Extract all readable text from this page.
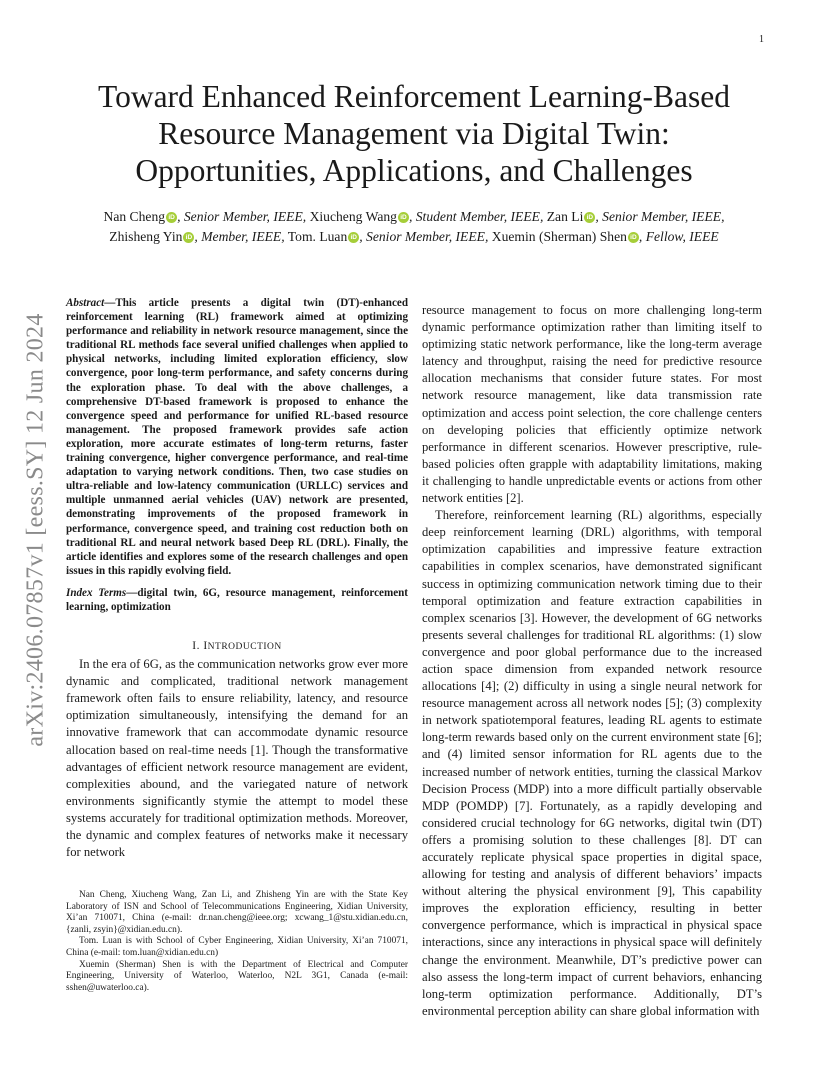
1
arXiv:2406.07857v1 [eess.SY] 12 Jun 2024
Toward Enhanced Reinforcement Learning-Based
Resource Management via Digital Twin:
Opportunities, Applications, and Challenges
Nan Cheng iD , Senior Member, IEEE, Xiucheng Wang iD , Student Member, IEEE, Zan Li iD , Senior Member, IEEE,
Zhisheng Yin iD , Member, IEEE, Tom. Luan iD , Senior Member, IEEE, Xuemin (Sherman) Shen iD , Fellow, IEEE
Abstract—This article presents a digital twin (DT)-enhanced reinforcement learning (RL) framework aimed at optimizing performance and reliability in network resource management, since the traditional RL methods face several unified challenges when applied to physical networks, including limited exploration efficiency, slow convergence, poor long-term performance, and safety concerns during the exploration phase. To deal with the above challenges, a comprehensive DT-based framework is proposed to enhance the convergence speed and performance for unified RL-based resource management. The proposed framework provides safe action exploration, more accurate estimates of long-term returns, faster training convergence, higher convergence performance, and real-time adaptation to varying network conditions. Then, two case studies on ultra-reliable and low-latency communication (URLLC) services and multiple unmanned aerial vehicles (UAV) network are presented, demonstrating improvements of the proposed framework in performance, convergence speed, and training cost reduction both on traditional RL and neural network based Deep RL (DRL). Finally, the article identifies and explores some of the research challenges and open issues in this rapidly evolving field.
Index Terms—digital twin, 6G, resource management, reinforcement learning, optimization
I. INTRODUCTION

In the era of 6G, as the communication networks grow ever more dynamic and complicated, traditional network management framework often fails to ensure reliability, latency, and resource optimization simultaneously, intensifying the demand for an innovative framework that can accommodate dynamic resource allocation based on real-time needs [1]. Though the transformative advantages of efficient network resource management are evident, complexities abound, and the variegated nature of network environments significantly stymie the attempt to model these systems accurately for traditional optimization methods. Moreover, the dynamic and complex features of networks make it necessary for network

Nan Cheng, Xiucheng Wang, Zan Li, and Zhisheng Yin are with the State Key Laboratory of ISN and School of Telecommunications Engineering, Xidian University, Xi’an 710071, China (e-mail: dr.nan.cheng@ieee.org; xcwang_1@stu.xidian.edu.cn, {zanli, zsyin}@xidian.edu.cn).

Tom. Luan is with School of Cyber Engineering, Xidian University, Xi’an 710071, China (e-mail: tom.luan@xidian.edu.cn)

Xuemin (Sherman) Shen is with the Department of Electrical and Computer Engineering, University of Waterloo, Waterloo, N2L 3G1, Canada (e-mail: sshen@uwaterloo.ca).

resource management to focus on more challenging long-term dynamic performance optimization rather than limiting itself to optimizing static network performance, like the long-term average latency and throughput, raising the need for predictive resource allocation mechanisms that consider future states. For most network resource management, like data transmission rate optimization and access point selection, the core challenge centers on developing policies that efficiently optimize network performance in different scenarios. However prescriptive, rule-based policies often grapple with adaptability limitations, making it challenging to handle unpredictable events or actions from other network entities [2].

Therefore, reinforcement learning (RL) algorithms, especially deep reinforcement learning (DRL) algorithms, with temporal optimization capabilities and impressive feature extraction capabilities in complex scenarios, have demonstrated significant success in optimizing communication network timing due to their temporal optimization and feature extraction capabilities in complex scenarios [3]. However, the development of 6G networks presents several challenges for traditional RL algorithms: (1) slow convergence and poor global performance due to the increased action space dimension from expanded network resource allocations [4]; (2) difficulty in using a single neural network for resource management across all network nodes [5]; (3) complexity in network spatiotemporal features, leading RL agents to estimate long-term rewards based only on the current environment state [6]; and (4) limited sensor information for RL agents due to the increased number of network entities, turning the classical Markov Decision Process (MDP) into a more difficult partially observable MDP (POMDP) [7]. Fortunately, as a rapidly developing and considered crucial technology for 6G networks, digital twin (DT) offers a promising solution to these challenges [8]. DT can accurately replicate physical space properties in digital space, allowing for testing and analysis of different behaviors’ impacts without altering the physical environment [9], This capability improves the exploration efficiency, resulting in better convergence performance, which is impractical in physical space interactions, since any interactions in physical space will definitely change the environment. Meanwhile, DT’s predictive power can also assess the long-term impact of current behaviors, enhancing long-term optimization performance. Additionally, DT’s environmental perception ability can share global information with
